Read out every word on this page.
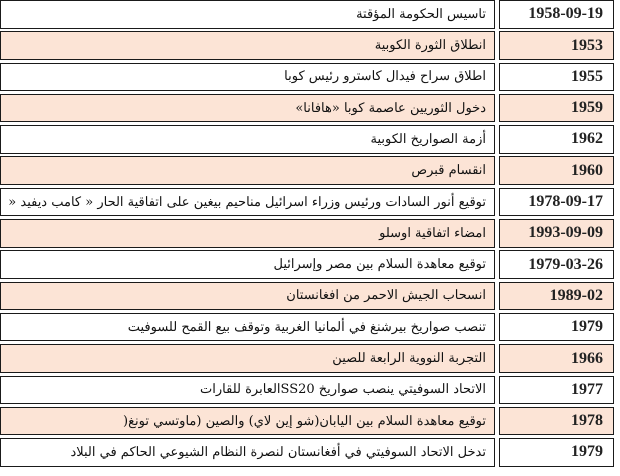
تاسيس الحكومة المؤقتة	1958-09-19
انطلاق الثورة الكوبية	1953
اطلاق سراح فيدال كاسترو رئيس كوبا	1955
دخول الثوريين عاصمة كوبا «هافانا»	1959
أزمة الصواريخ الكوبية	1962
انقسام قبرص	1960
توقيع أنور السادات ورئيس وزراء اسرائيل مناحيم بيغين على اتفاقية الحار « كامب ديفيد «	1978-09-17
امضاء اتفاقية اوسلو	1993-09-09
توقيع معاهدة السلام بين مصر وإسرائيل	1979-03-26
انسحاب الجيش الاحمر من افغانستان	1989-02
تنصب صواريخ بيرشنغ في ألمانيا الغربية وتوقف بيع القمح للسوفيت	1979
التجربة النووية الرابعة للصين	1966
الاتحاد السوفيتي ينصب صواريخ SS20العابرة للقارات	1977
توقيع معاهدة السلام بين اليابان(شو إين لاي) والصين (ماوتسي تونغ(	1978
تدخل الاتحاد السوفيتي في أفغانستان لنصرة النظام الشيوعي الحاكم في البلاد	1979
